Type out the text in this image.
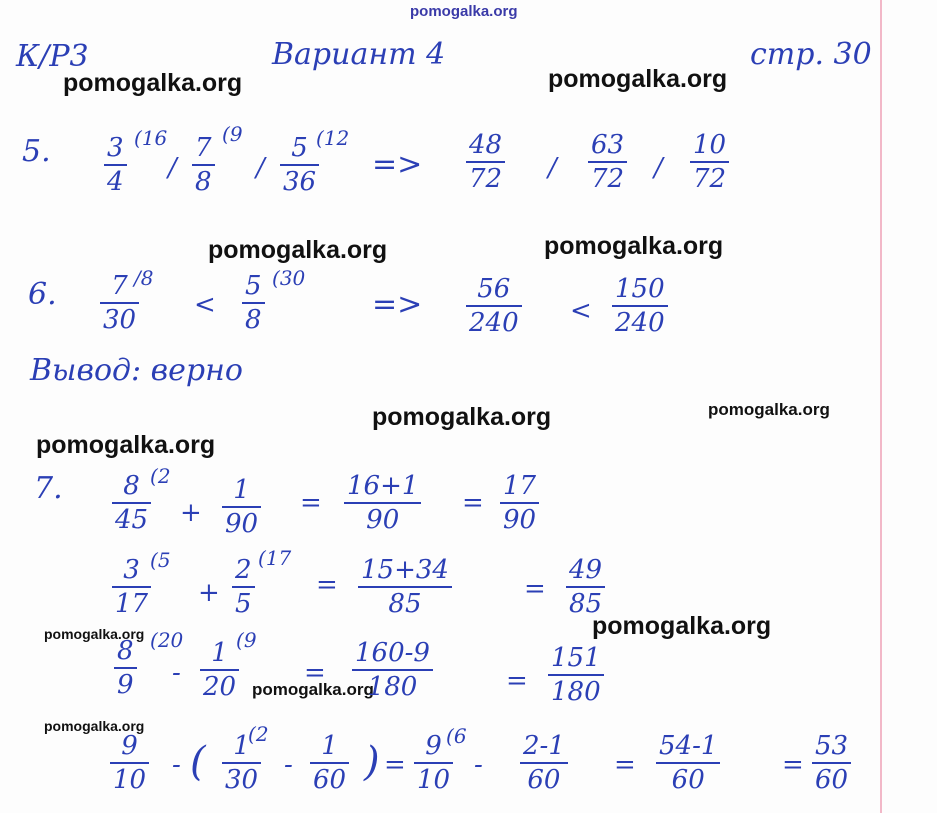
pomogalka.org
К/Р3	Вариант 4	стр. 30
pomogalka.org	pomogalka.org
pomogalka.org	pomogalka.org
pomogalka.org	pomogalka.org
pomogalka.org
pomogalka.org
pomogalka.org
pomogalka.org
pomogalka.org
5. 3
4
(16
/
7
8
(9
/
5
36
(12
=>
48
72 /
63
72 /
10
72
6. 7
30
/8
<
5
8
(30
=> 56
240 <
150
240
Вывод: верно
7. 8
45
(2
+
1
90
=
16+1
90
=
17
90
3
17
(5
+
2
5
(17
= 15+34
85	=
49
85
8
9
(20
-
1
20
(9
=
160-9
180	=
151
180
9
10 - ( 1
30
(2
-
1
60 ) =
9
10
(6
-
2-1
60 =
54-1
60	=
53
60
